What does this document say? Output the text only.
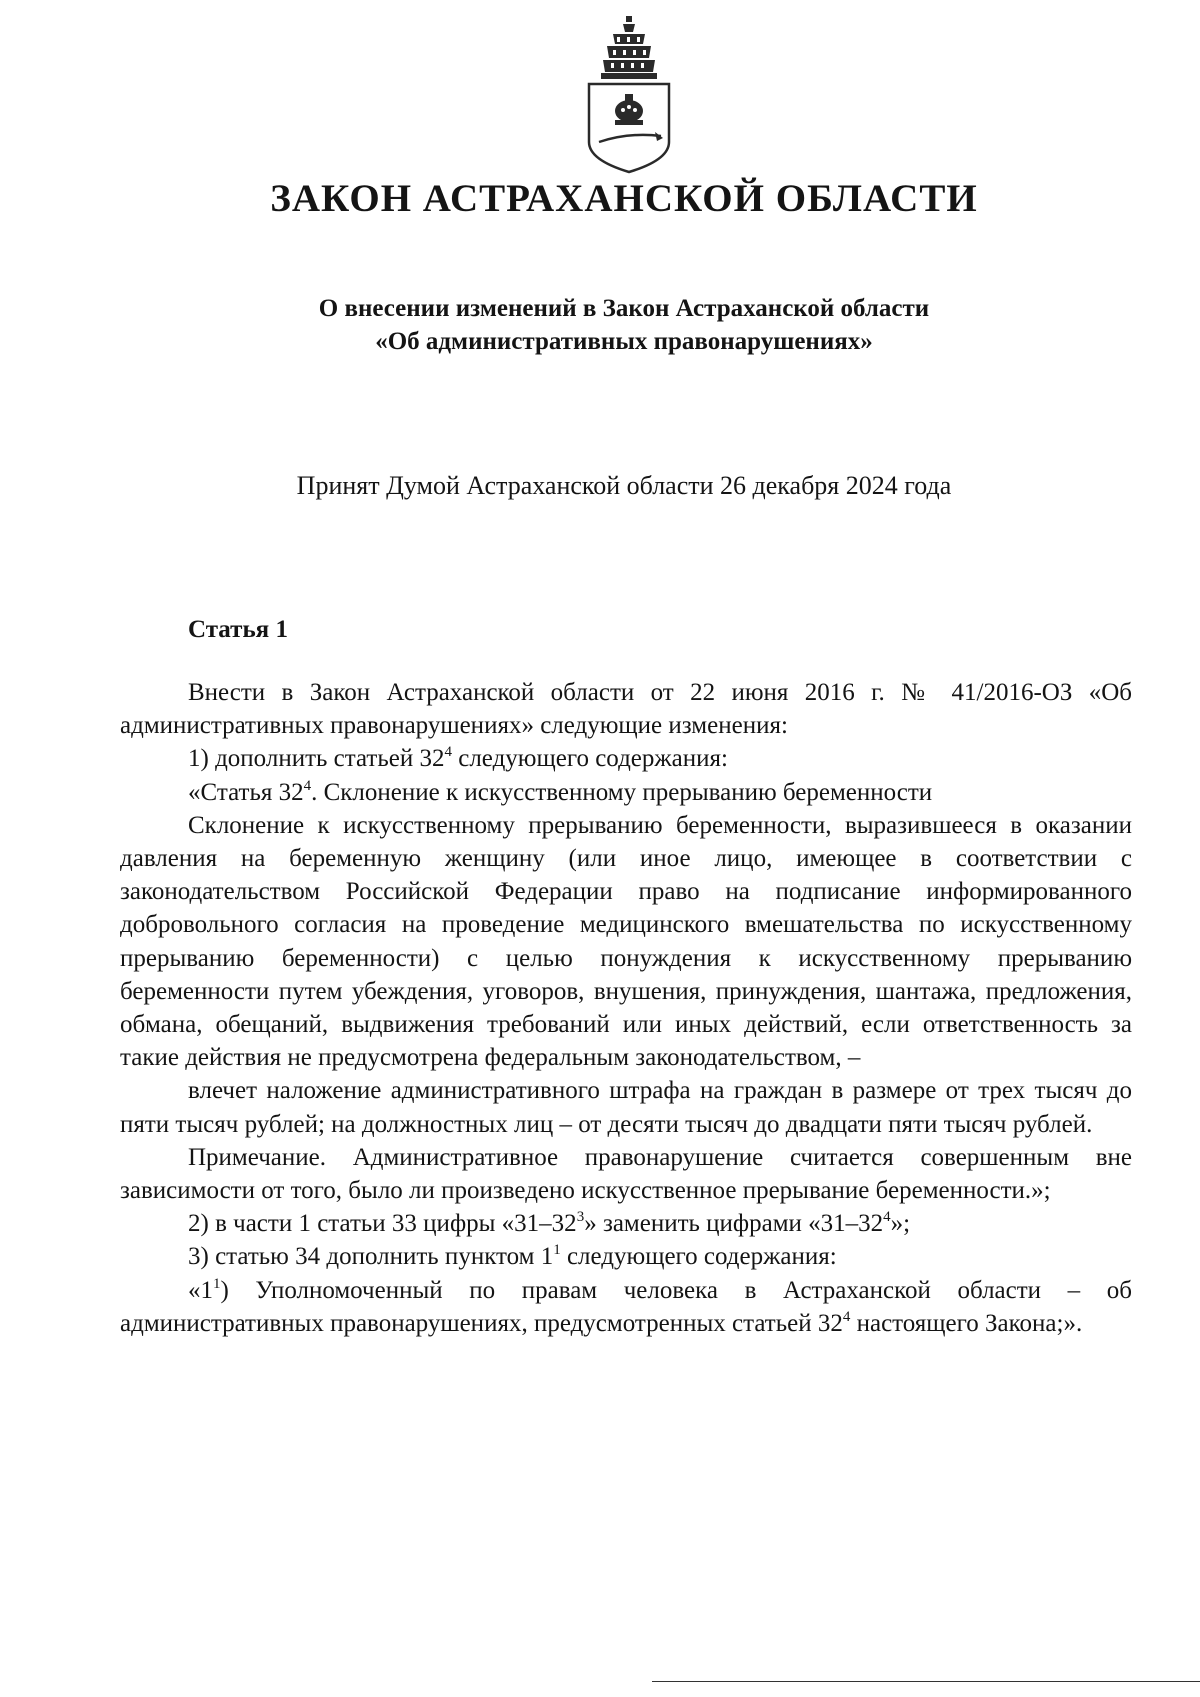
ЗАКОН АСТРАХАНСКОЙ ОБЛАСТИ
О внесении изменений в Закон Астраханской области
«Об административных правонарушениях»
Принят Думой Астраханской области 26 декабря 2024 года
Статья 1

Внести в Закон Астраханской области от 22 июня 2016 г. № 41/2016-ОЗ «Об административных правонарушениях» следующие изменения:

1) дополнить статьей $32^4$ следующего содержания:

«Статья $32^4$. Склонение к искусственному прерыванию беременности

Склонение к искусственному прерыванию беременности, выразившееся в оказании давления на беременную женщину (или иное лицо, имеющее в соответствии с законодательством Российской Федерации право на подписание информированного добровольного согласия на проведение медицинского вмешательства по искусственному прерыванию беременности) с целью понуждения к искусственному прерыванию беременности путем убеждения, уговоров, внушения, принуждения, шантажа, предложения, обмана, обещаний, выдвижения требований или иных действий, если ответственность за такие действия не предусмотрена федеральным законодательством, –

влечет наложение административного штрафа на граждан в размере от трех тысяч до пяти тысяч рублей; на должностных лиц – от десяти тысяч до двадцати пяти тысяч рублей.

Примечание. Административное правонарушение считается совершенным вне зависимости от того, было ли произведено искусственное прерывание беременности.»;

2) в части 1 статьи 33 цифры «$31-32^3$» заменить цифрами «$31-32^4$»;

3) статью 34 дополнить пунктом $1^1$ следующего содержания:

«$1^1$) Уполномоченный по правам человека в Астраханской области – об административных правонарушениях, предусмотренных статьей $32^4$ настоящего Закона;».
